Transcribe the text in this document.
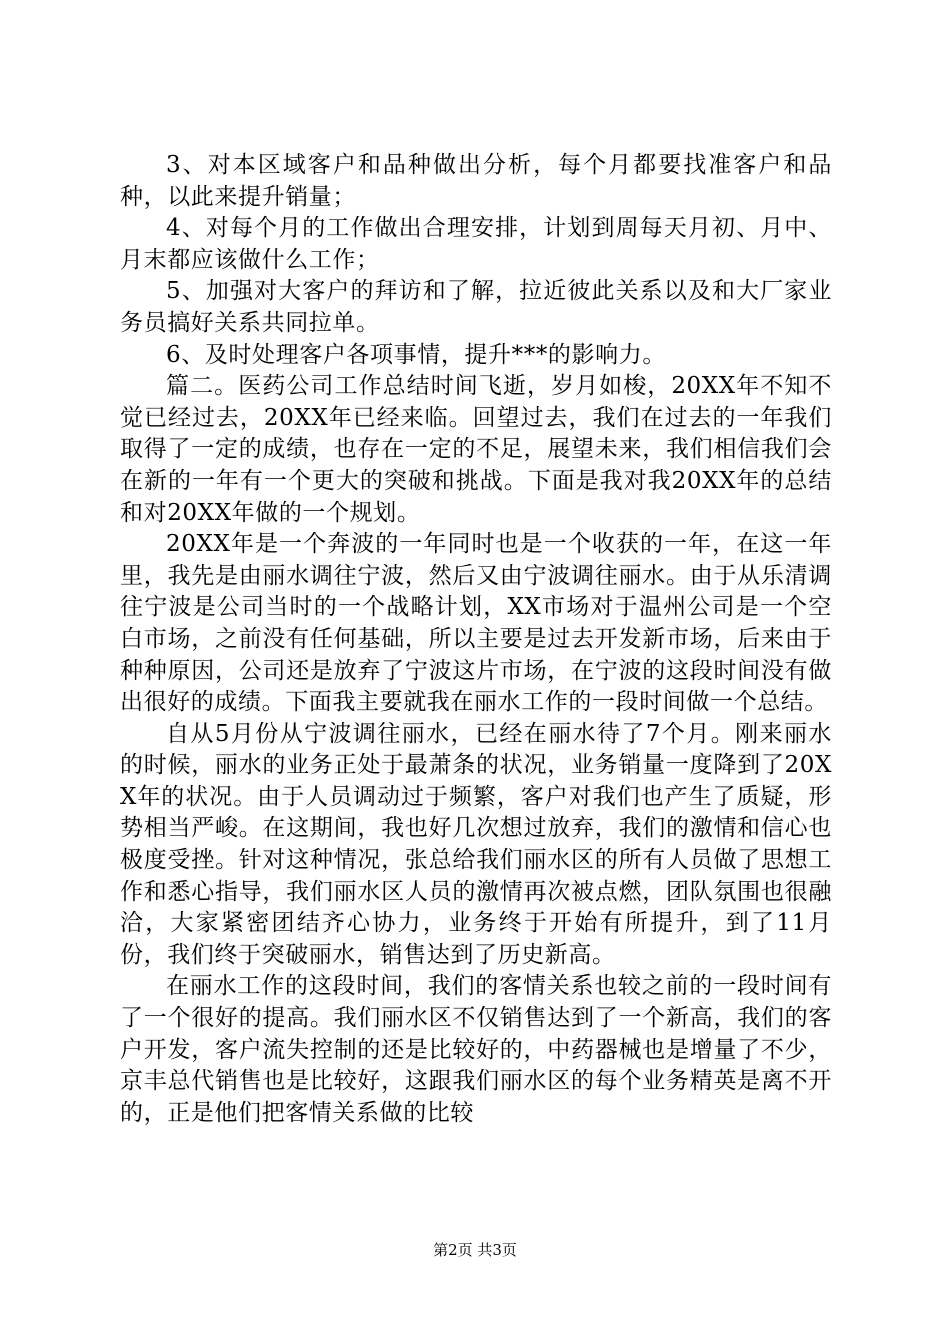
3、对本区域客户和品种做出分析，每个月都要找准客户和品种，以此来提升销量；

4、对每个月的工作做出合理安排，计划到周每天月初、月中、月末都应该做什么工作；

5、加强对大客户的拜访和了解，拉近彼此关系以及和大厂家业务员搞好关系共同拉单。

6、及时处理客户各项事情，提升***的影响力。

篇二。医药公司工作总结时间飞逝，岁月如梭，20XX年不知不觉已经过去，20XX年已经来临。回望过去，我们在过去的一年我们取得了一定的成绩，也存在一定的不足，展望未来，我们相信我们会在新的一年有一个更大的突破和挑战。下面是我对我20XX年的总结和对20XX年做的一个规划。

20XX年是一个奔波的一年同时也是一个收获的一年，在这一年里，我先是由丽水调往宁波，然后又由宁波调往丽水。由于从乐清调往宁波是公司当时的一个战略计划，XX市场对于温州公司是一个空白市场，之前没有任何基础，所以主要是过去开发新市场，后来由于种种原因，公司还是放弃了宁波这片市场，在宁波的这段时间没有做出很好的成绩。下面我主要就我在丽水工作的一段时间做一个总结。

自从5月份从宁波调往丽水，已经在丽水待了7个月。刚来丽水的时候，丽水的业务正处于最萧条的状况，业务销量一度降到了20XX年的状况。由于人员调动过于频繁，客户对我们也产生了质疑，形势相当严峻。在这期间，我也好几次想过放弃，我们的激情和信心也极度受挫。针对这种情况，张总给我们丽水区的所有人员做了思想工作和悉心指导，我们丽水区人员的激情再次被点燃，团队氛围也很融洽，大家紧密团结齐心协力，业务终于开始有所提升，到了11月份，我们终于突破丽水，销售达到了历史新高。

在丽水工作的这段时间，我们的客情关系也较之前的一段时间有了一个很好的提高。我们丽水区不仅销售达到了一个新高，我们的客户开发，客户流失控制的还是比较好的，中药器械也是增量了不少，京丰总代销售也是比较好，这跟我们丽水区的每个业务精英是离不开的，正是他们把客情关系做的比较

第2页 共3页
